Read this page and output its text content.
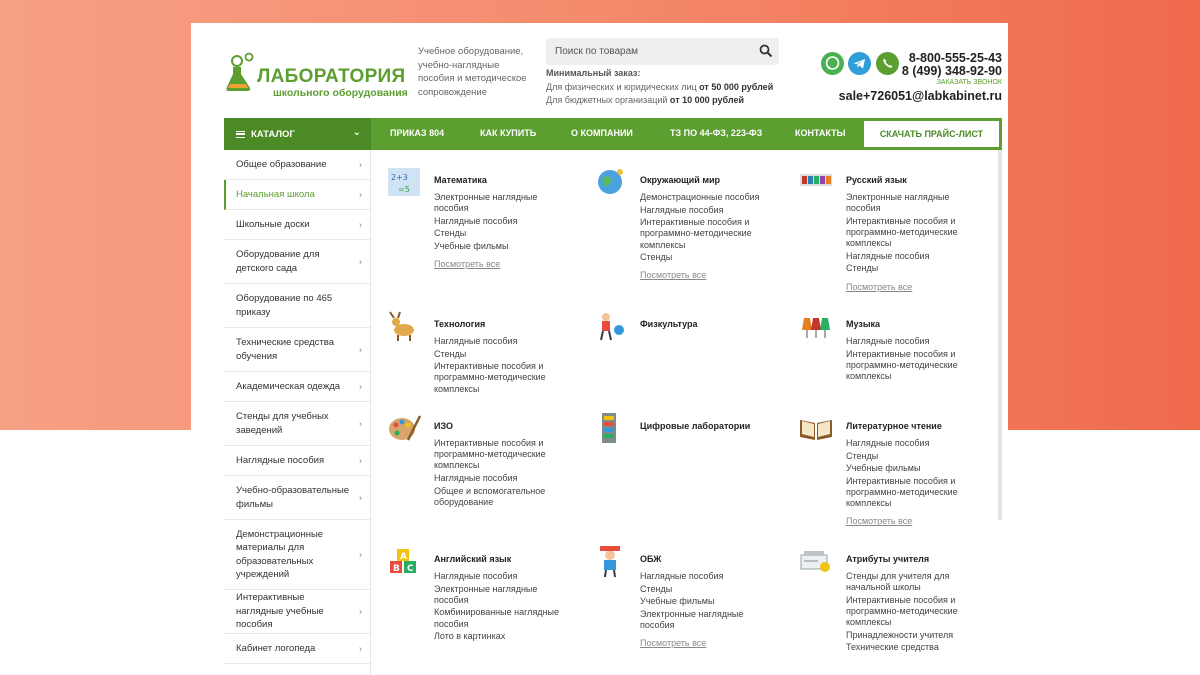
ЛАБОРАТОРИЯ
школьного оборудования
Учебное оборудование, учебно-наглядные пособия и методическое сопровождение
Поиск по товарам
Минимальный заказ:
Для физических и юридических лиц от 50 000 рублей
Для бюджетных организаций от 10 000 рублей
8-800-555-25-43
8 (499) 348-92-90
ЗАКАЗАТЬ ЗВОНОК
sale+726051@labkabinet.ru
КАТАЛОГ	⌄	ПРИКАЗ 804	КАК КУПИТЬ	О КОМПАНИИ	ТЗ ПО 44-ФЗ, 223-ФЗ	КОНТАКТЫ	СКАЧАТЬ ПРАЙС-ЛИСТ
Общее образование	›
Начальная школа	›
Школьные доски	›
Оборудование для детского сада
›
Оборудование по 465 приказу
Технические средства обучения
›
Академическая одежда ›
Стенды для учебных заведений
›
Наглядные пособия	›
Учебно-образовательные фильмы
›
Демонстрационные материалы для образовательных учреждений
›
Интерактивные наглядные учебные пособия
›
Кабинет логопеда	›
2+3
=5
Математика
Электронные наглядные пособия
Наглядные пособия
Стенды
Учебные фильмы
Посмотреть все
Окружающий мир
Демонстрационные пособия
Наглядные пособия
Интерактивные пособия и программно-методические комплексы
Стенды
Посмотреть все
Русский язык
Электронные наглядные пособия
Интерактивные пособия и программно-методические комплексы
Наглядные пособия
Стенды
Посмотреть все
Технология
Наглядные пособия
Стенды
Интерактивные пособия и программно-методические комплексы
Физкультура	Музыка
Наглядные пособия
Интерактивные пособия и программно-методические комплексы
ИЗО
Интерактивные пособия и программно-методические комплексы
Наглядные пособия
Общее и вспомогательное оборудование
Цифровые лаборатории	Литературное чтение
Наглядные пособия
Стенды
Учебные фильмы
Интерактивные пособия и программно-методические комплексы
Посмотреть все
A
B C
Английский язык
Наглядные пособия
Электронные наглядные пособия
Комбинированные наглядные пособия
Лото в картинках
ОБЖ
Наглядные пособия
Стенды
Учебные фильмы
Электронные наглядные пособия
Посмотреть все
Атрибуты учителя
Стенды для учителя для начальной школы
Интерактивные пособия и программно-методические комплексы
Принадлежности учителя
Технические средства
